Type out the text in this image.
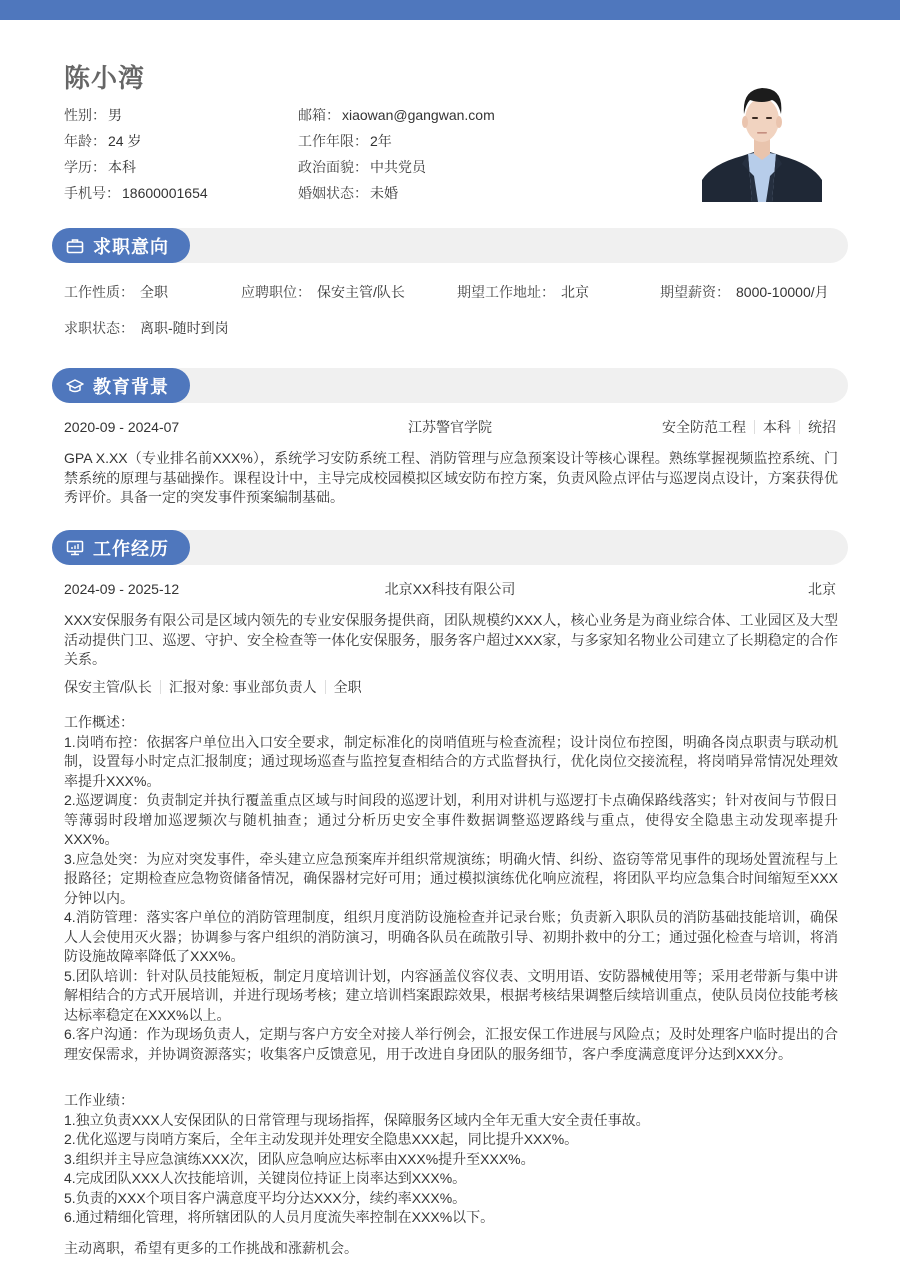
陈小湾
性别： 男
年龄： 24 岁
学历： 本科
手机号： 18600001654
邮箱： xiaowan@gangwan.com
工作年限： 2年
政治面貌： 中共党员
婚姻状态： 未婚
求职意向
工作性质： 全职	应聘职位： 保安主管/队长	期望工作地址： 北京	期望薪资： 8000-10000/月
求职状态： 离职-随时到岗
教育背景
2020-09 - 2024-07	江苏警官学院	安全防范工程 本科 统招

GPA X.XX（专业排名前XXX%），系统学习安防系统工程、消防管理与应急预案设计等核心课程。熟练掌握视频监控系统、门禁系统的原理与基础操作。课程设计中，主导完成校园模拟区域安防布控方案，负责风险点评估与巡逻岗点设计，方案获得优秀评价。具备一定的突发事件预案编制基础。

工作经历
2024-09 - 2025-12	北京XX科技有限公司	北京

XXX安保服务有限公司是区域内领先的专业安保服务提供商，团队规模约XXX人，核心业务是为商业综合体、工业园区及大型活动提供门卫、巡逻、守护、安全检查等一体化安保服务，服务客户超过XXX家，与多家知名物业公司建立了长期稳定的合作关系。

保安主管/队长 汇报对象: 事业部负责人 全职

工作概述：

1.岗哨布控：依据客户单位出入口安全要求，制定标准化的岗哨值班与检查流程；设计岗位布控图，明确各岗点职责与联动机制，设置每小时定点汇报制度；通过现场巡查与监控复查相结合的方式监督执行，优化岗位交接流程，将岗哨异常情况处理效率提升XXX%。

2.巡逻调度：负责制定并执行覆盖重点区域与时间段的巡逻计划，利用对讲机与巡逻打卡点确保路线落实；针对夜间与节假日等薄弱时段增加巡逻频次与随机抽查；通过分析历史安全事件数据调整巡逻路线与重点，使得安全隐患主动发现率提升XXX%。

3.应急处突：为应对突发事件，牵头建立应急预案库并组织常规演练；明确火情、纠纷、盗窃等常见事件的现场处置流程与上报路径；定期检查应急物资储备情况，确保器材完好可用；通过模拟演练优化响应流程，将团队平均应急集合时间缩短至XXX分钟以内。

4.消防管理：落实客户单位的消防管理制度，组织月度消防设施检查并记录台账；负责新入职队员的消防基础技能培训，确保人人会使用灭火器；协调参与客户组织的消防演习，明确各队员在疏散引导、初期扑救中的分工；通过强化检查与培训，将消防设施故障率降低了XXX%。

5.团队培训：针对队员技能短板，制定月度培训计划，内容涵盖仪容仪表、文明用语、安防器械使用等；采用老带新与集中讲解相结合的方式开展培训，并进行现场考核；建立培训档案跟踪效果，根据考核结果调整后续培训重点，使队员岗位技能考核达标率稳定在XXX%以上。

6.客户沟通：作为现场负责人，定期与客户方安全对接人举行例会，汇报安保工作进展与风险点；及时处理客户临时提出的合理安保需求，并协调资源落实；收集客户反馈意见，用于改进自身团队的服务细节，客户季度满意度评分达到XXX分。

工作业绩：

1.独立负责XXX人安保团队的日常管理与现场指挥，保障服务区域内全年无重大安全责任事故。

2.优化巡逻与岗哨方案后，全年主动发现并处理安全隐患XXX起，同比提升XXX%。

3.组织并主导应急演练XXX次，团队应急响应达标率由XXX%提升至XXX%。

4.完成团队XXX人次技能培训，关键岗位持证上岗率达到XXX%。

5.负责的XXX个项目客户满意度平均分达XXX分，续约率XXX%。

6.通过精细化管理，将所辖团队的人员月度流失率控制在XXX%以下。

主动离职，希望有更多的工作挑战和涨薪机会。
